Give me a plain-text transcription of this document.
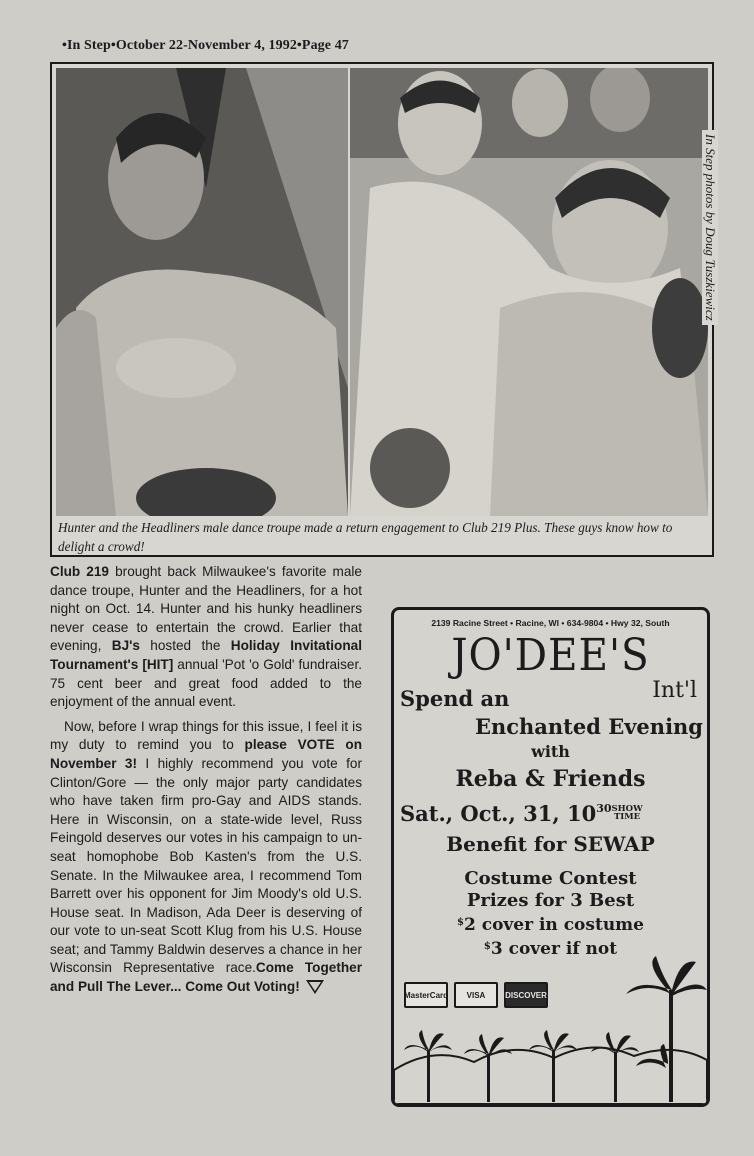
•In Step•October 22-November 4, 1992•Page 47
In Step photos by Doug Tuszkiewicz
Hunter and the Headliners male dance troupe made a return engagement to Club 219 Plus. These guys know how to delight a crowd!

Club 219 brought back Milwaukee's favorite male dance troupe, Hunter and the Headliners, for a hot night on Oct. 14. Hunter and his hunky headliners never cease to entertain the crowd. Earlier that evening, BJ's hosted the Holiday Invitational Tournament's [HIT] annual 'Pot 'o Gold' fundraiser. 75 cent beer and great food added to the enjoyment of the annual event.

Now, before I wrap things for this issue, I feel it is my duty to remind you to please VOTE on November 3! I highly recommend you vote for Clinton/Gore — the only major party candidates who have taken firm pro-Gay and AIDS stands. Here in Wisconsin, on a state-wide level, Russ Feingold deserves our votes in his campaign to un-seat homophobe Bob Kasten's from the U.S. Senate. In the Milwaukee area, I recommend Tom Barrett over his opponent for Jim Moody's old U.S. House seat. In Madison, Ada Deer is deserving of our vote to un-seat Scott Klug from his U.S. House seat; and Tammy Baldwin deserves a chance in her Wisconsin Representative race.Come Together and Pull The Lever... Come Out Voting!

2139 Racine Street • Racine, WI • 634-9804 • Hwy 32, South
JO'DEE'S
Int'l
Spend an
Enchanted Evening
with
Reba & Friends
Sat., Oct., 31, $10^{30}SHOW$
TIME
Benefit for SEWAP
Costume Contest
Prizes for 3 Best
$2 cover in costume
$3 cover if not
MasterCard	VISA	DISCOVER
